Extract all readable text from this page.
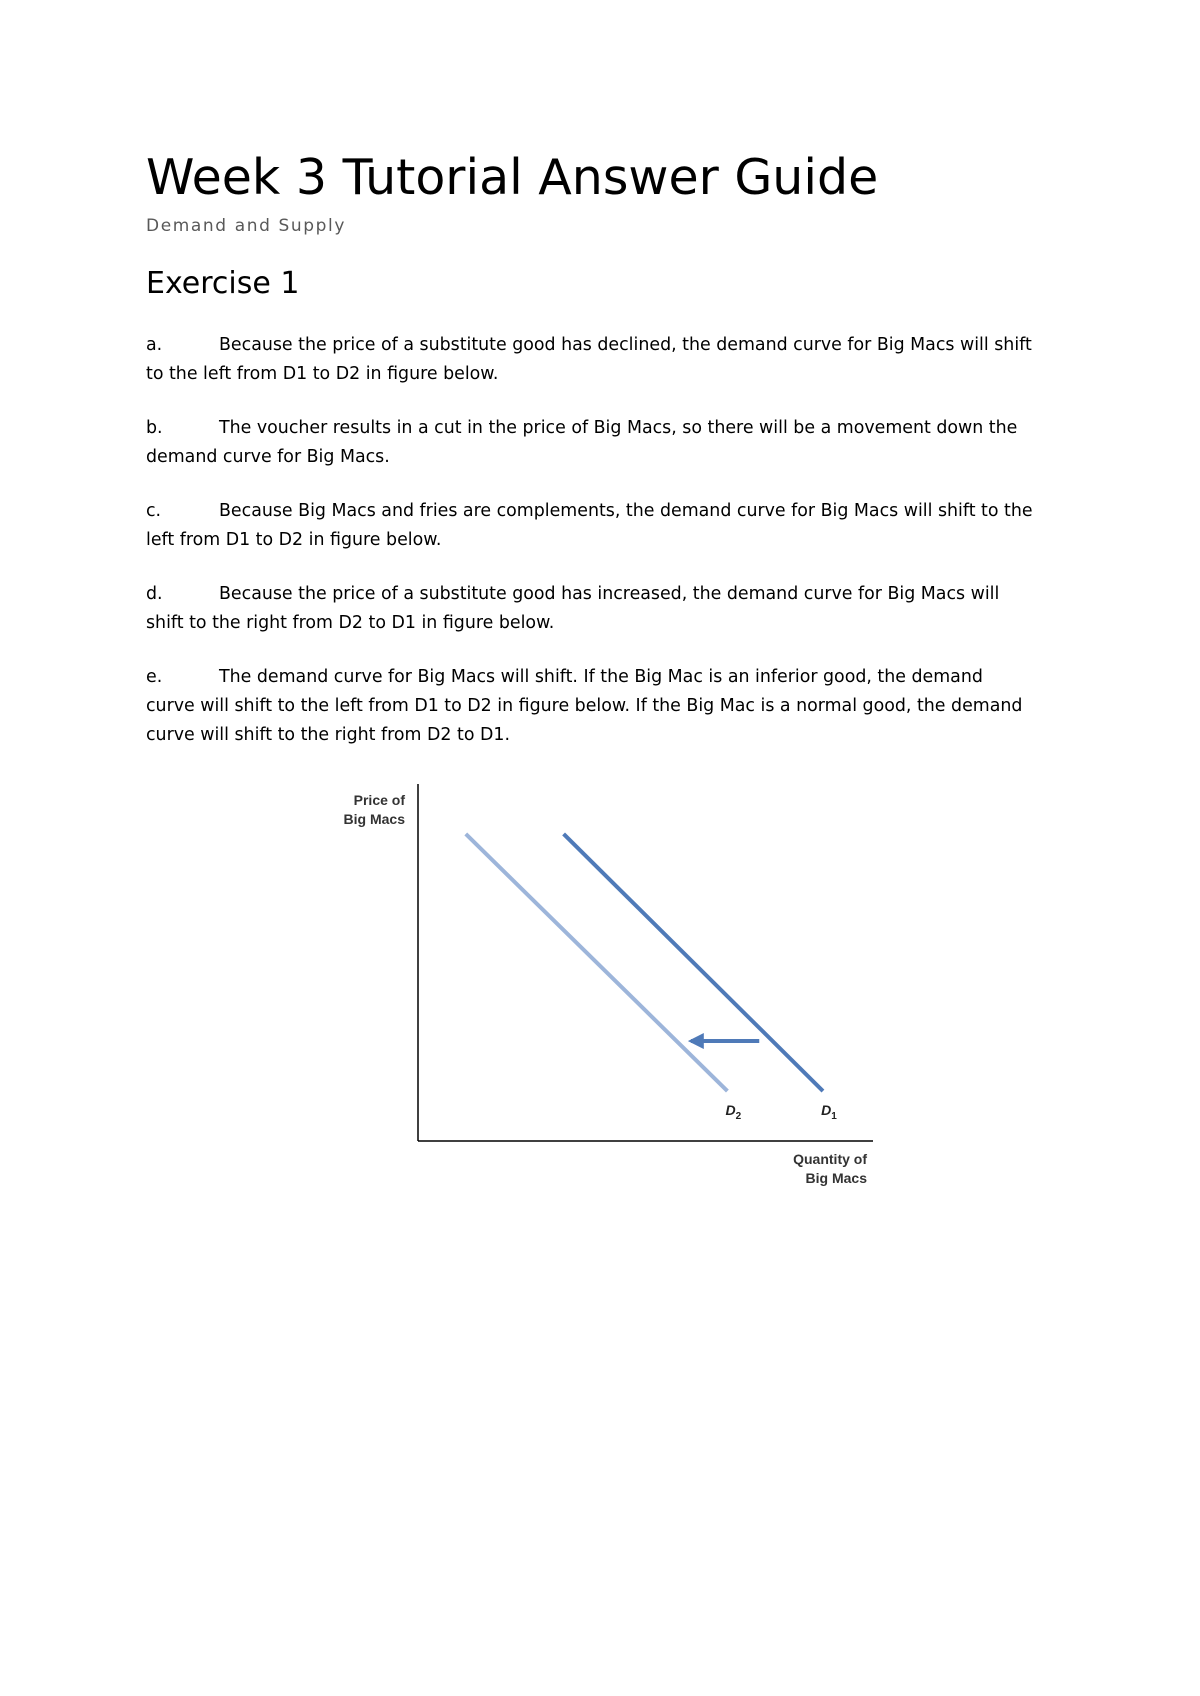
Week 3 Tutorial Answer Guide
Demand and Supply
Exercise 1
a.	Because the price of a substitute good has declined, the demand curve for Big Macs will shift
to the left from D1 to D2 in figure below.
b.	The voucher results in a cut in the price of Big Macs, so there will be a movement down the
demand curve for Big Macs.
c.	Because Big Macs and fries are complements, the demand curve for Big Macs will shift to the
left from D1 to D2 in figure below.
d.	Because the price of a substitute good has increased, the demand curve for Big Macs will
shift to the right from D2 to D1 in figure below.
e.	The demand curve for Big Macs will shift. If the Big Mac is an inferior good, the demand
curve will shift to the left from D1 to D2 in figure below. If the Big Mac is a normal good, the demand
curve will shift to the right from D2 to D1.
Price of
Big Macs
Quantity of
Big Macs
$D_1$
$D_2$
